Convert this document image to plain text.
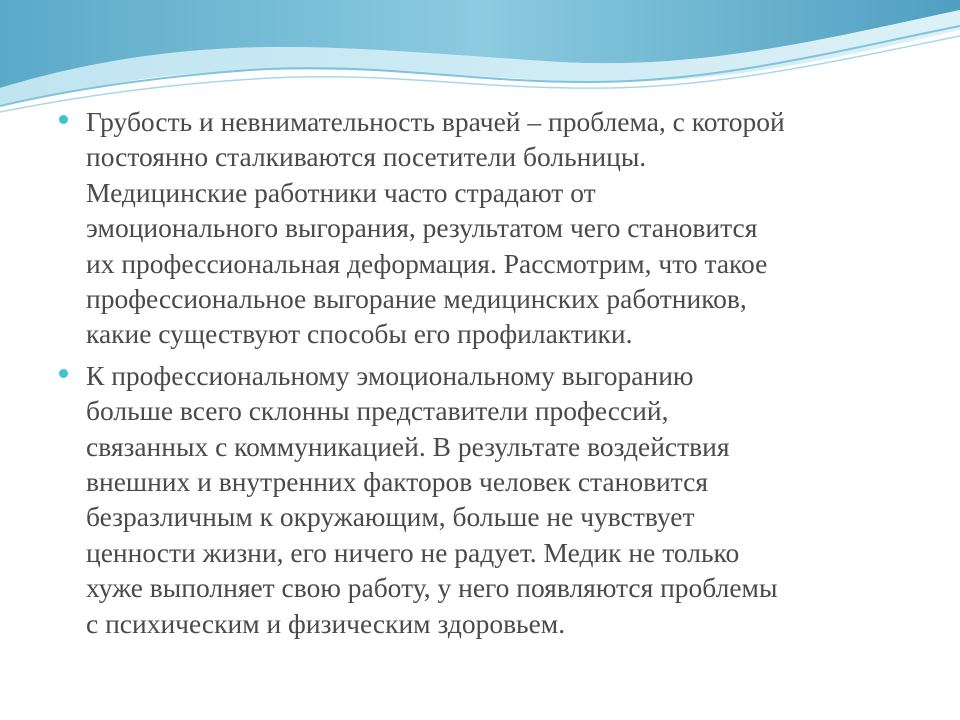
Грубость и невнимательность врачей – проблема, с которой
постоянно сталкиваются посетители больницы.
Медицинские работники часто страдают от
эмоционального выгорания, результатом чего становится
их профессиональная деформация. Рассмотрим, что такое
профессиональное выгорание медицинских работников,
какие существуют способы его профилактики.
К профессиональному эмоциональному выгоранию
больше всего склонны представители профессий,
связанных с коммуникацией. В результате воздействия
внешних и внутренних факторов человек становится
безразличным к окружающим, больше не чувствует
ценности жизни, его ничего не радует. Медик не только
хуже выполняет свою работу, у него появляются проблемы
с психическим и физическим здоровьем.
